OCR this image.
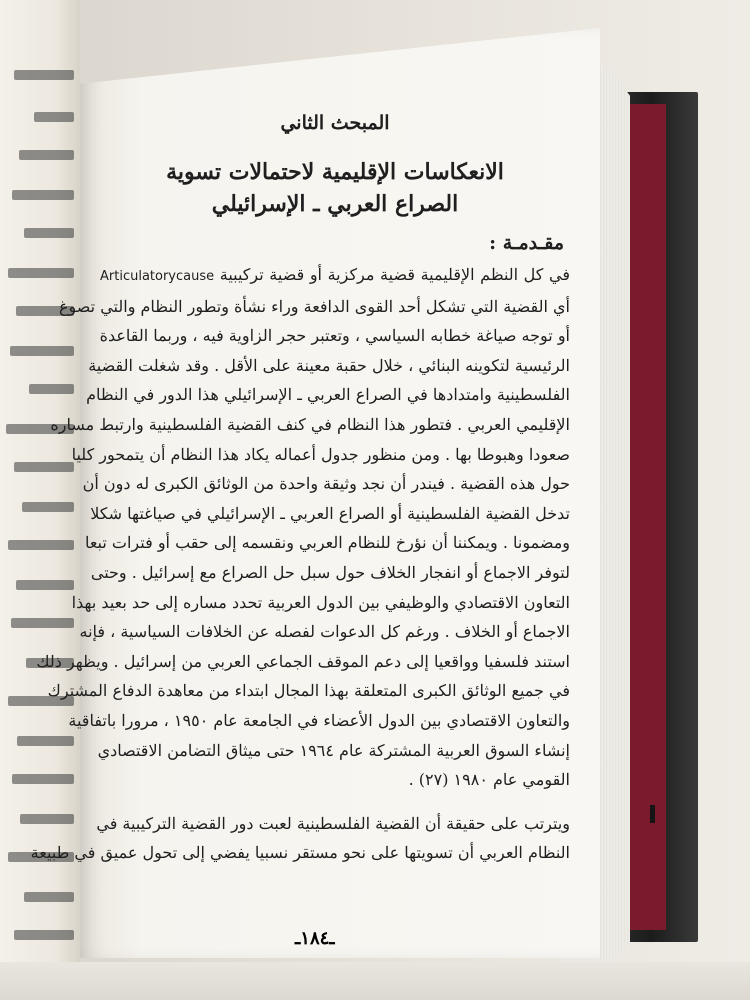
المبحث الثاني
الانعكاسات الإقليمية لاحتمالات تسوية
الصراع العربي ـ الإسرائيلي
مقـدمـة :
في كل النظم الإقليمية قضية مركزية أو قضية تركيبية Articulatorycause
أي القضية التي تشكل أحد القوى الدافعة وراء نشأة وتطور النظام والتي تصوغ
أو توجه صياغة خطابه السياسي ، وتعتبر حجر الزاوية فيه ، وربما القاعدة
الرئيسية لتكوينه البنائي ، خلال حقبة معينة على الأقل . وقد شغلت القضية
الفلسطينية وامتدادها في الصراع العربي ـ الإسرائيلي هذا الدور في النظام
الإقليمي العربي . فتطور هذا النظام في كنف القضية الفلسطينية وارتبط مساره
صعودا وهبوطا بها . ومن منظور جدول أعماله يكاد هذا النظام أن يتمحور كليا
حول هذه القضية . فيندر أن نجد وثيقة واحدة من الوثائق الكبرى له دون أن
تدخل القضية الفلسطينية أو الصراع العربي ـ الإسرائيلي في صياغتها شكلا
ومضمونا . ويمكننا أن نؤرخ للنظام العربي ونقسمه إلى حقب أو فترات تبعا
لتوفر الاجماع أو انفجار الخلاف حول سبل حل الصراع مع إسرائيل . وحتى
التعاون الاقتصادي والوظيفي بين الدول العربية تحدد مساره إلى حد بعيد بهذا
الاجماع أو الخلاف . ورغم كل الدعوات لفصله عن الخلافات السياسية ، فإنه
استند فلسفيا وواقعيا إلى دعم الموقف الجماعي العربي من إسرائيل . ويظهر ذلك
في جميع الوثائق الكبرى المتعلقة بهذا المجال ابتداء من معاهدة الدفاع المشترك
والتعاون الاقتصادي بين الدول الأعضاء في الجامعة عام ١٩٥٠ ، مرورا باتفاقية
إنشاء السوق العربية المشتركة عام ١٩٦٤ حتى ميثاق التضامن الاقتصادي
القومي عام ١٩٨٠ (٢٧) .
ويترتب على حقيقة أن القضية الفلسطينية لعبت دور القضية التركيبية في
النظام العربي أن تسويتها على نحو مستقر نسبيا يفضي إلى تحول عميق في طبيعة
ـ١٨٤ـ
